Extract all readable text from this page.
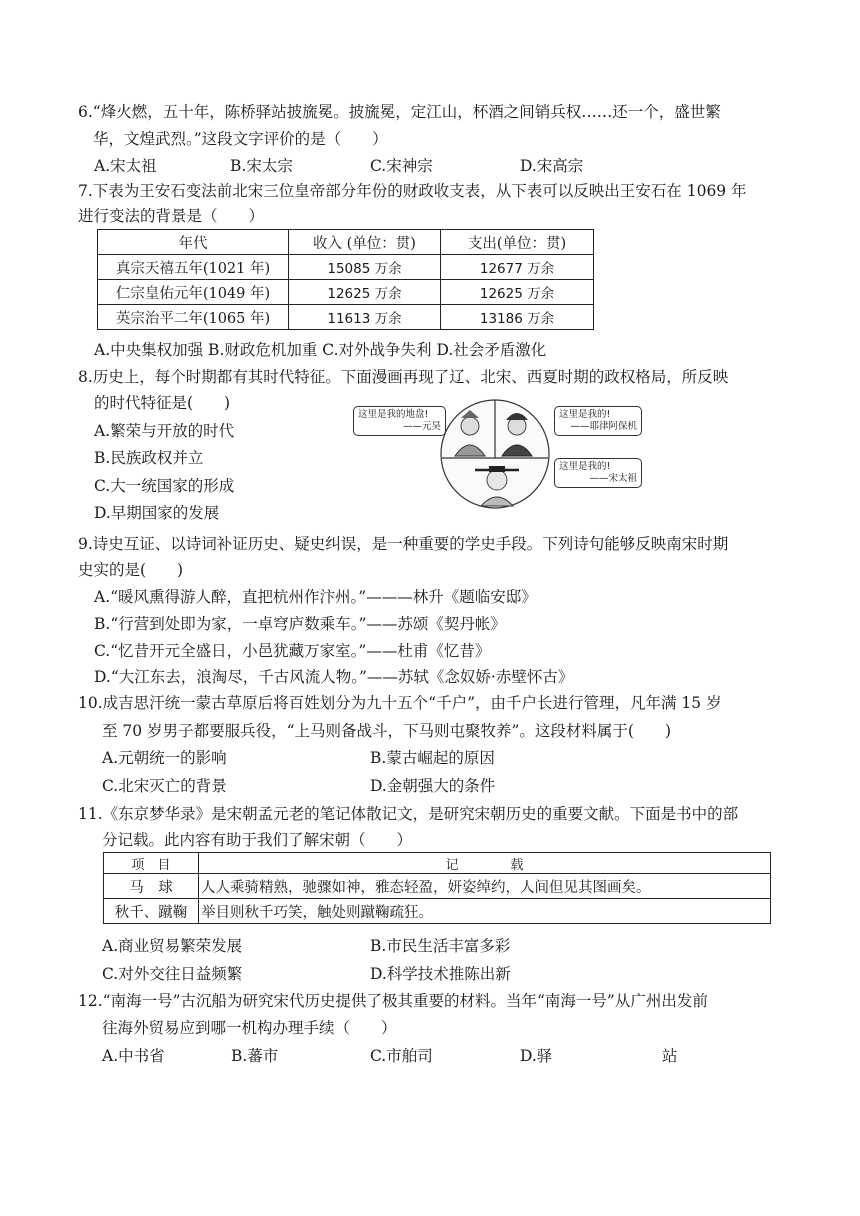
6.“烽火燃，五十年，陈桥驿站披旒冕。披旒冕，定江山，杯酒之间销兵权……还一个，盛世繁
华，文煌武烈。”这段文字评价的是（　　）
A.宋太祖	B.宋太宗	C.宋神宗	D.宋高宗
7.下表为王安石变法前北宋三位皇帝部分年份的财政收支表，从下表可以反映出王安石在 1069 年
进行变法的背景是（　　）
年代	收入 (单位：贯)	支出(单位：贯)
真宗天禧五年(1021 年)	15085 万余	12677 万余
仁宗皇佑元年(1049 年)	12625 万余	12625 万余
英宗治平二年(1065 年)	11613 万余	13186 万余
A.中央集权加强 B.财政危机加重 C.对外战争失利 D.社会矛盾激化
8.历史上，每个时期都有其时代特征。下面漫画再现了辽、北宋、西夏时期的政权格局，所反映
的时代特征是(　　)
A.繁荣与开放的时代
B.民族政权并立
C.大一统国家的形成
D.早期国家的发展
这里是我的地盘!
——元昊
这里是我的!
——耶律阿保机
这里是我的!
——宋太祖
9.诗史互证、以诗词补证历史、疑史纠误，是一种重要的学史手段。下列诗句能够反映南宋时期
史实的是(　　)
A.“暖风熏得游人醉，直把杭州作汴州。”———林升《题临安邸》
B.“行营到处即为家，一卓穹庐数乘车。”——苏颂《契丹帐》
C.“忆昔开元全盛日，小邑犹藏万家室。”——杜甫《忆昔》
D.“大江东去，浪淘尽，千古风流人物。”——苏轼《念奴娇·赤壁怀古》
10.成吉思汗统一蒙古草原后将百姓划分为九十五个“千户”，由千户长进行管理，凡年满 15 岁
至 70 岁男子都要服兵役，“上马则备战斗，下马则屯聚牧养”。这段材料属于(　　)
A.元朝统一的影响	B.蒙古崛起的原因
C.北宋灭亡的背景	D.金朝强大的条件
11.《东京梦华录》是宋朝孟元老的笔记体散记文，是研究宋朝历史的重要文献。下面是书中的部
分记载。此内容有助于我们了解宋朝（　　）
项　目	记　　　　载
马　球	人人乘骑精熟，驰骤如神，雅态轻盈，妍姿绰约，人间但见其图画矣。
秋千、蹴鞠	举目则秋千巧笑，触处则蹴鞠疏狂。
A.商业贸易繁荣发展	B.市民生活丰富多彩
C.对外交往日益频繁	D.科学技术推陈出新
12.“南海一号”古沉船为研究宋代历史提供了极其重要的材料。当年“南海一号”从广州出发前
往海外贸易应到哪一机构办理手续（　　）
A.中书省	B.蕃市	C.市舶司	D.驿	站
